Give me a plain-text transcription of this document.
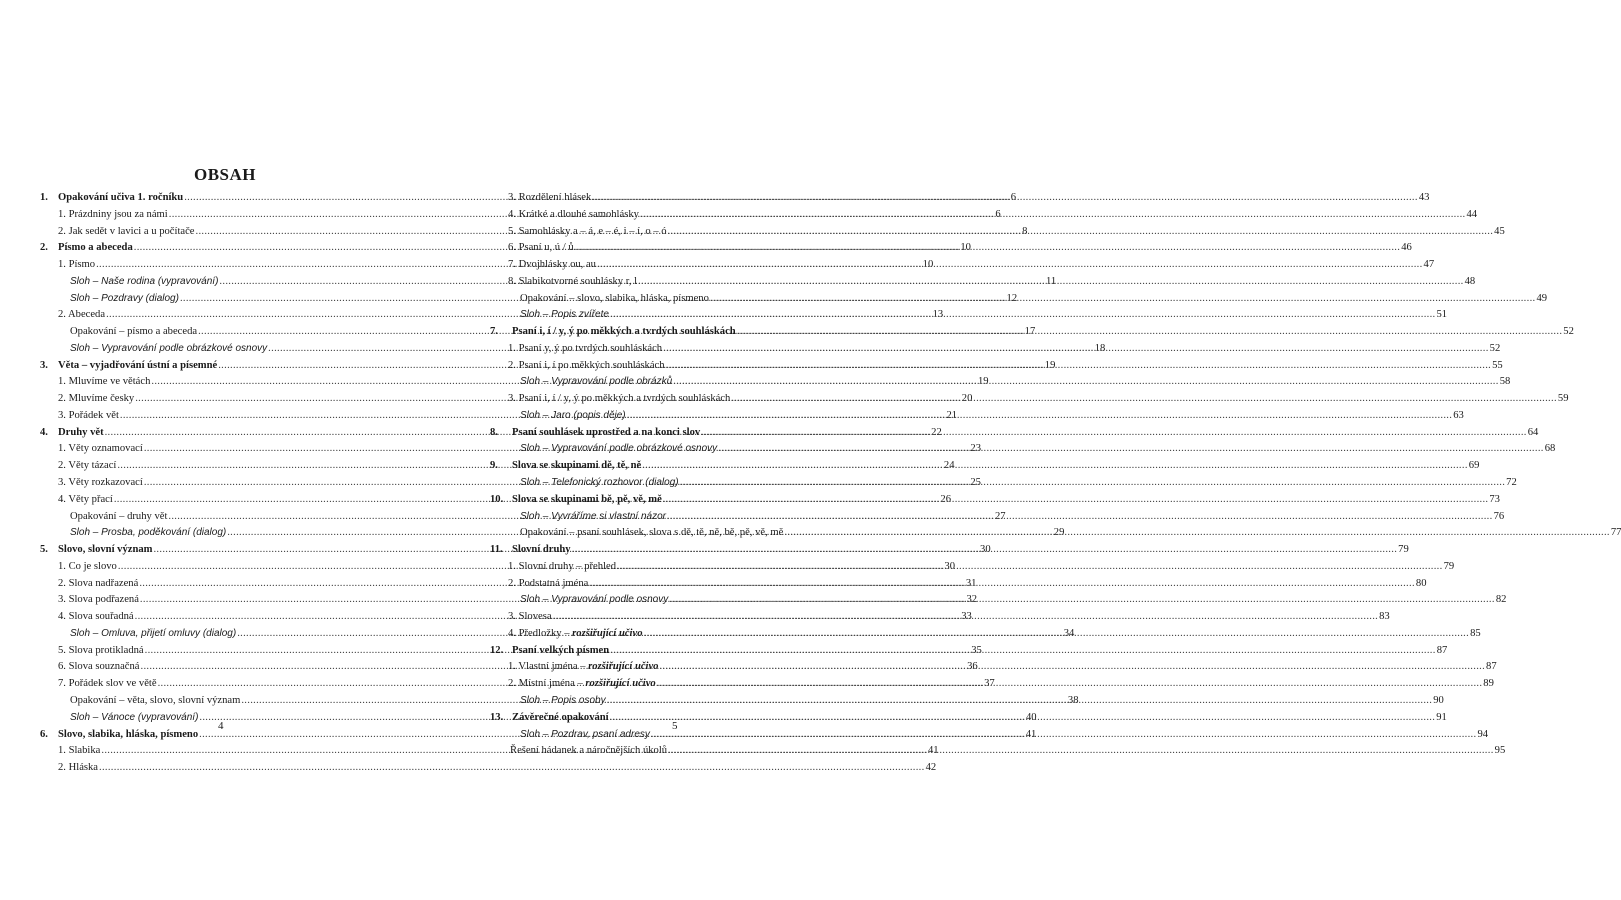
OBSAH
1. Opakování učiva 1. ročníku .....	6
1. Prázdniny jsou za námi .....	6
2. Jak sedět v lavici a u počítače .....	8
2. Písmo a abeceda .....	10
1. Písmo .....	10
Sloh – Naše rodina (vypravování) .....	11
Sloh – Pozdravy (dialog) .....	12
2. Abeceda .....	13
Opakování – písmo a abeceda .....	17
Sloh – Vypravování podle obrázkové osnovy .....	18
3. Věta – vyjadřování ústní a písemné .....	19
1. Mluvíme ve větách .....	19
2. Mluvíme česky .....	20
3. Pořádek vět .....	21
4. Druhy vět .....	22
1. Věty oznamovací .....	23
2. Věty tázací .....	24
3. Věty rozkazovací .....	25
4. Věty přací .....	26
Opakování – druhy vět .....	27
Sloh – Prosba, poděkování (dialog) .....	29
5. Slovo, slovní význam .....	30
1. Co je slovo .....	30
2. Slova nadřazená .....	31
3. Slova podřazená .....	32
4. Slova souřadná .....	33
Sloh – Omluva, přijetí omluvy (dialog) .....	34
5. Slova protikladná .....	35
6. Slova souznačná .....	36
7. Pořádek slov ve větě .....	37
Opakování – věta, slovo, slovní význam .....	38
Sloh – Vánoce (vypravování) .....	40
6. Slovo, slabika, hláska, písmeno .....	41
1. Slabika .....	41
2. Hláska .....	42
4
3. Rozdělení hlásek .....	43
4. Krátké a dlouhé samohlásky .....	44
5. Samohlásky a – á, e – é, i – í, o – ó .....	45
6. Psaní u, ú / ů .....	46
7. Dvojhlásky ou, au .....	47
8. Slabikotvorné souhlásky r, l .....	48
Opakování – slovo, slabika, hláska, písmeno .....	49
Sloh – Popis zvířete .....	51
7.	Psaní i, í / y, ý po měkkých a tvrdých souhláskách .....	52
1. Psaní y, ý po tvrdých souhláskách .....	52
2. Psaní i, í po měkkých souhláskách .....	55
Sloh – Vypravování podle obrázků .....	58
3. Psaní i, í / y, ý po měkkých a tvrdých souhláskách .....	59
Sloh – Jaro (popis děje) .....	63
8.	Psaní souhlásek uprostřed a na konci slov .....	64
Sloh – Vypravování podle obrázkové osnovy .....	68
9.	Slova se skupinami dě, tě, ně .....	69
Sloh – Telefonický rozhovor (dialog) .....	72
10. Slova se skupinami bě, pě, vě, mě .....	73
Sloh – Vyvráříme si vlastní názor .....	76
Opakování – psaní souhlásek, slova s dě, tě, ně, bě, pě, vě, mě .....	77
11. Slovní druhy .....	79
1. Slovní druhy – přehled .....	79
2. Podstatná jména .....	80
Sloh – Vypravování podle osnovy .....	82
3. Slovesa .....	83
4. Předložky – rozšiřující učivo .....	85
12. Psaní velkých písmen .....	87
1. Vlastní jména – rozšiřující učivo .....	87
2. Místní jména – rozšiřující učivo .....	89
Sloh – Popis osoby .....	90
13. Závěrečné opakování .....	91
Sloh – Pozdrav, psaní adresy .....	94
Řešení hádanek a náročnějších úkolů .....	95
5
